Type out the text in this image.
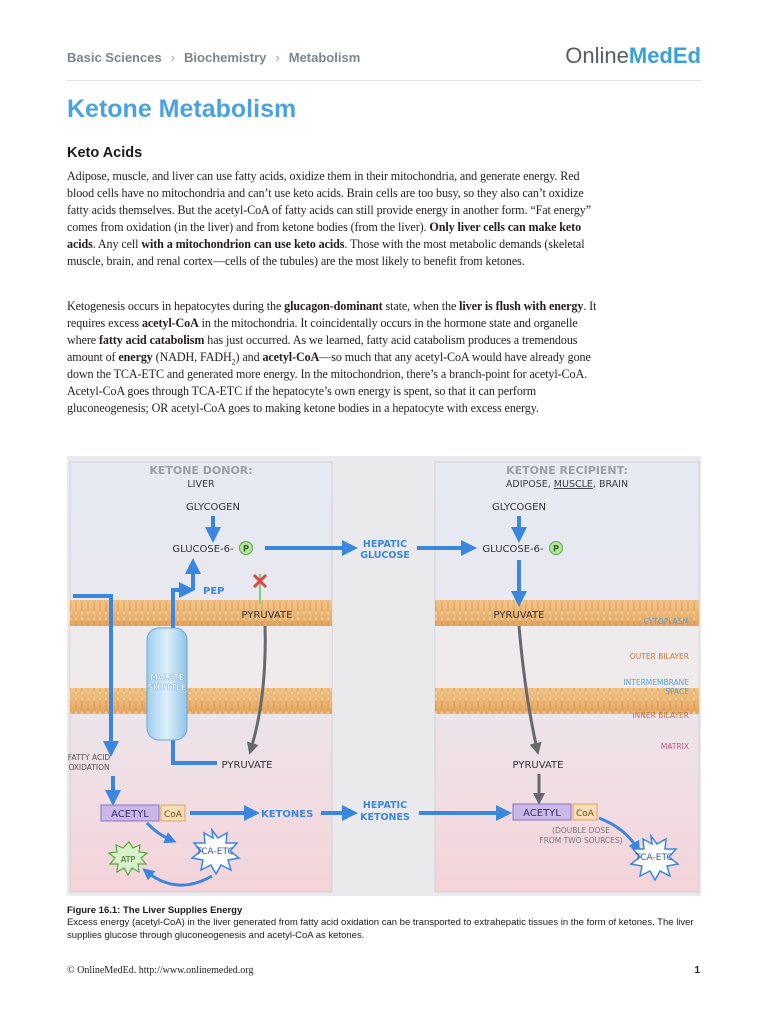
Basic Sciences › Biochemistry › Metabolism	OnlineMedEd
Ketone Metabolism
Keto Acids

Adipose, muscle, and liver can use fatty acids, oxidize them in their mitochondria, and generate energy. Red blood cells have no mitochondria and can’t use keto acids. Brain cells are too busy, so they also can’t oxidize fatty acids themselves. But the acetyl-CoA of fatty acids can still provide energy in another form. “Fat energy” comes from oxidation (in the liver) and from ketone bodies (from the liver). Only liver cells can make keto acids. Any cell with a mitochondrion can use keto acids. Those with the most metabolic demands (skeletal muscle, brain, and renal cortex—cells of the tubules) are the most likely to benefit from ketones.

Ketogenesis occurs in hepatocytes during the glucagon-dominant state, when the liver is flush with energy. It requires excess acetyl-CoA in the mitochondria. It coincidentally occurs in the hormone state and organelle where fatty acid catabolism has just occurred. As we learned, fatty acid catabolism produces a tremendous amount of energy (NADH, $FADH_2$) and acetyl-CoA—so much that any acetyl-CoA would have already gone down the TCA-ETC and generated more energy. In the mitochondrion, there’s a branch-point for acetyl-CoA. Acetyl-CoA goes through TCA-ETC if the hepatocyte’s own energy is spent, so that it can perform gluconeogenesis; OR acetyl-CoA goes to making ketone bodies in a hepatocyte with excess energy.

KETONE DONOR:
LIVER
KETONE RECIPIENT:
ADIPOSE, MUSCLE, BRAIN
CYTOPLASM
OUTER BILAYER
INTERMEMBRANE
SPACE
INNER BILAYER
MATRIX
GLYCOGEN
GLUCOSE-6- P
PEP
PYRUVATE
PYRUVATE
MALATE
SHUTTLE
FATTY ACID
OXIDATION
ACETYL CoA	KETONES
TCA-ETC
ATP
HEPATIC
GLUCOSE
HEPATIC
KETONES
GLYCOGEN
GLUCOSE-6- P
PYRUVATE
PYRUVATE
ACETYL CoA
(DOUBLE DOSE
FROM TWO SOURCES)
TCA-ETC
Figure 16.1: The Liver Supplies Energy
Excess energy (acetyl-CoA) in the liver generated from fatty acid oxidation can be transported to extrahepatic tissues in the form of ketones. The liver supplies glucose through gluconeogenesis and acetyl-CoA as ketones.
© OnlineMedEd. http://www.onlinemeded.org	1
